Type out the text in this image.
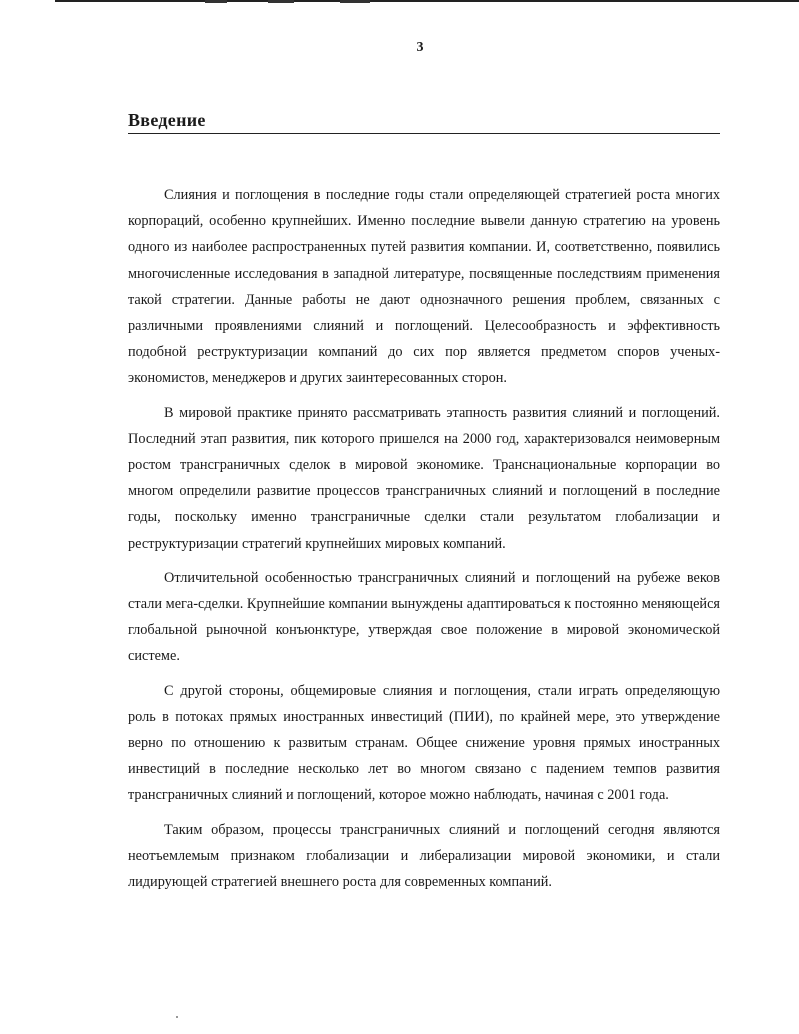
3
Введение

Слияния и поглощения в последние годы стали определяющей стратегией роста многих корпораций, особенно крупнейших. Именно последние вывели данную стратегию на уровень одного из наиболее распространенных путей развития компании. И, соответственно, появились многочисленные исследования в западной литературе, посвященные последствиям применения такой стратегии. Данные работы не дают однозначного решения проблем, связанных с различными проявлениями слияний и поглощений. Целесообразность и эффективность подобной реструктуризации компаний до сих пор является предметом споров ученых-экономистов, менеджеров и других заинтересованных сторон.

В мировой практике принято рассматривать этапность развития слияний и поглощений. Последний этап развития, пик которого пришелся на 2000 год, характеризовался неимоверным ростом трансграничных сделок в мировой экономике. Транснациональные корпорации во многом определили развитие процессов трансграничных слияний и поглощений в последние годы, поскольку именно трансграничные сделки стали результатом глобализации и реструктуризации стратегий крупнейших мировых компаний.

Отличительной особенностью трансграничных слияний и поглощений на рубеже веков стали мега-сделки. Крупнейшие компании вынуждены адаптироваться к постоянно меняющейся глобальной рыночной конъюнктуре, утверждая свое положение в мировой экономической системе.

С другой стороны, общемировые слияния и поглощения, стали играть определяющую роль в потоках прямых иностранных инвестиций (ПИИ), по крайней мере, это утверждение верно по отношению к развитым странам. Общее снижение уровня прямых иностранных инвестиций в последние несколько лет во многом связано с падением темпов развития трансграничных слияний и поглощений, которое можно наблюдать, начиная с 2001 года.

Таким образом, процессы трансграничных слияний и поглощений сегодня являются неотъемлемым признаком глобализации и либерализации мировой экономики, и стали лидирующей стратегией внешнего роста для современных компаний.
